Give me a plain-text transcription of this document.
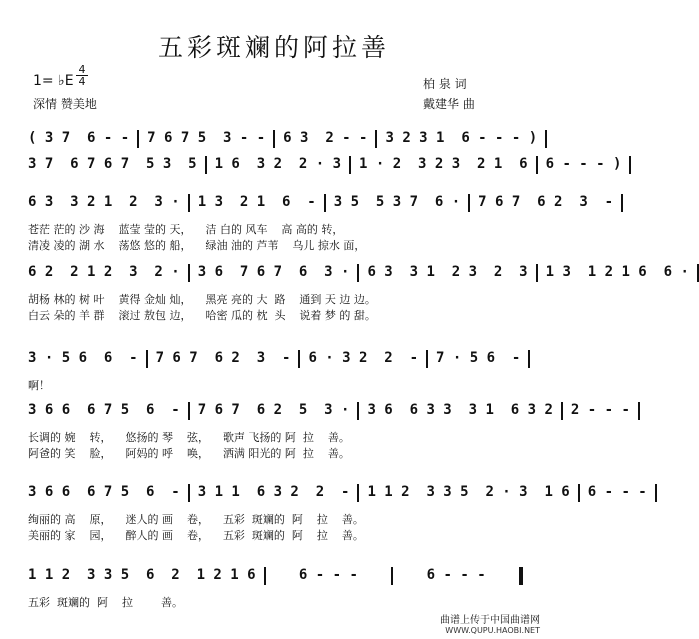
五彩斑斓的阿拉善
1= ♭E
4
4
深情 赞美地
柏 泉 词
戴建华 曲
( 3 7  6 - - 7 6 7 5  3 - - 6 3  2 - - 3 2 3 1  6 - - - )
3 7  6 7 6 7  5 3  5 1 6  3 2  2 · 3 1 · 2  3 2 3  2 1  6 6 - - - )
6 3  3 2 1  2  3 · 1 3  2 1  6  - 3 5  5 3 7  6 · 7 6 7  6 2  3  -
苍茫 茫的 沙 海    蓝莹 莹的 天，    洁 白的 风车    高 高的 转，
清凌 凌的 湖 水    荡悠 悠的 船，    绿油 油的 芦苇    乌儿 掠水 面，
6 2  2 1 2  3  2 · 3 6  7 6 7  6  3 · 6 3  3 1  2 3  2  3 1 3  1 2 1 6  6 ·
胡杨 林的 树 叶    黄得 金灿 灿，    黑亮 亮的 大  路    通到 天 边 边。
白云 朵的 羊 群    滚过 敖包 边，    哈密 瓜的 枕  头    说着 梦 的 甜。
3 · 5 6  6  - 7 6 7  6 2  3  - 6 · 3 2  2  - 7 · 5 6  -
啊！
3 6 6  6 7 5  6  - 7 6 7  6 2  5  3 · 3 6  6 3 3  3 1  6 3 2 2 - - -
长调的 婉    转，    悠扬的 琴    弦，    歌声 飞扬的 阿  拉    善。
阿爸的 笑    脸，    阿妈的 呼    唤，    洒满 阳光的 阿  拉    善。
3 6 6  6 7 5  6  - 3 1 1  6 3 2  2  - 1 1 2  3 3 5  2 · 3  1 6 6 - - -
绚丽的 高    原，    迷人的 画    卷，    五彩  斑斓的  阿    拉    善。
美丽的 家    园，    醉人的 画    卷，    五彩  斑斓的  阿    拉    善。
1 1 2  3 3 5  6  2  1 2 1 6	6 - - -	6 - - -
五彩  斑斓的  阿    拉        善。
曲谱上传于中国曲谱网
WWW.QUPU.HAOBI.NET
